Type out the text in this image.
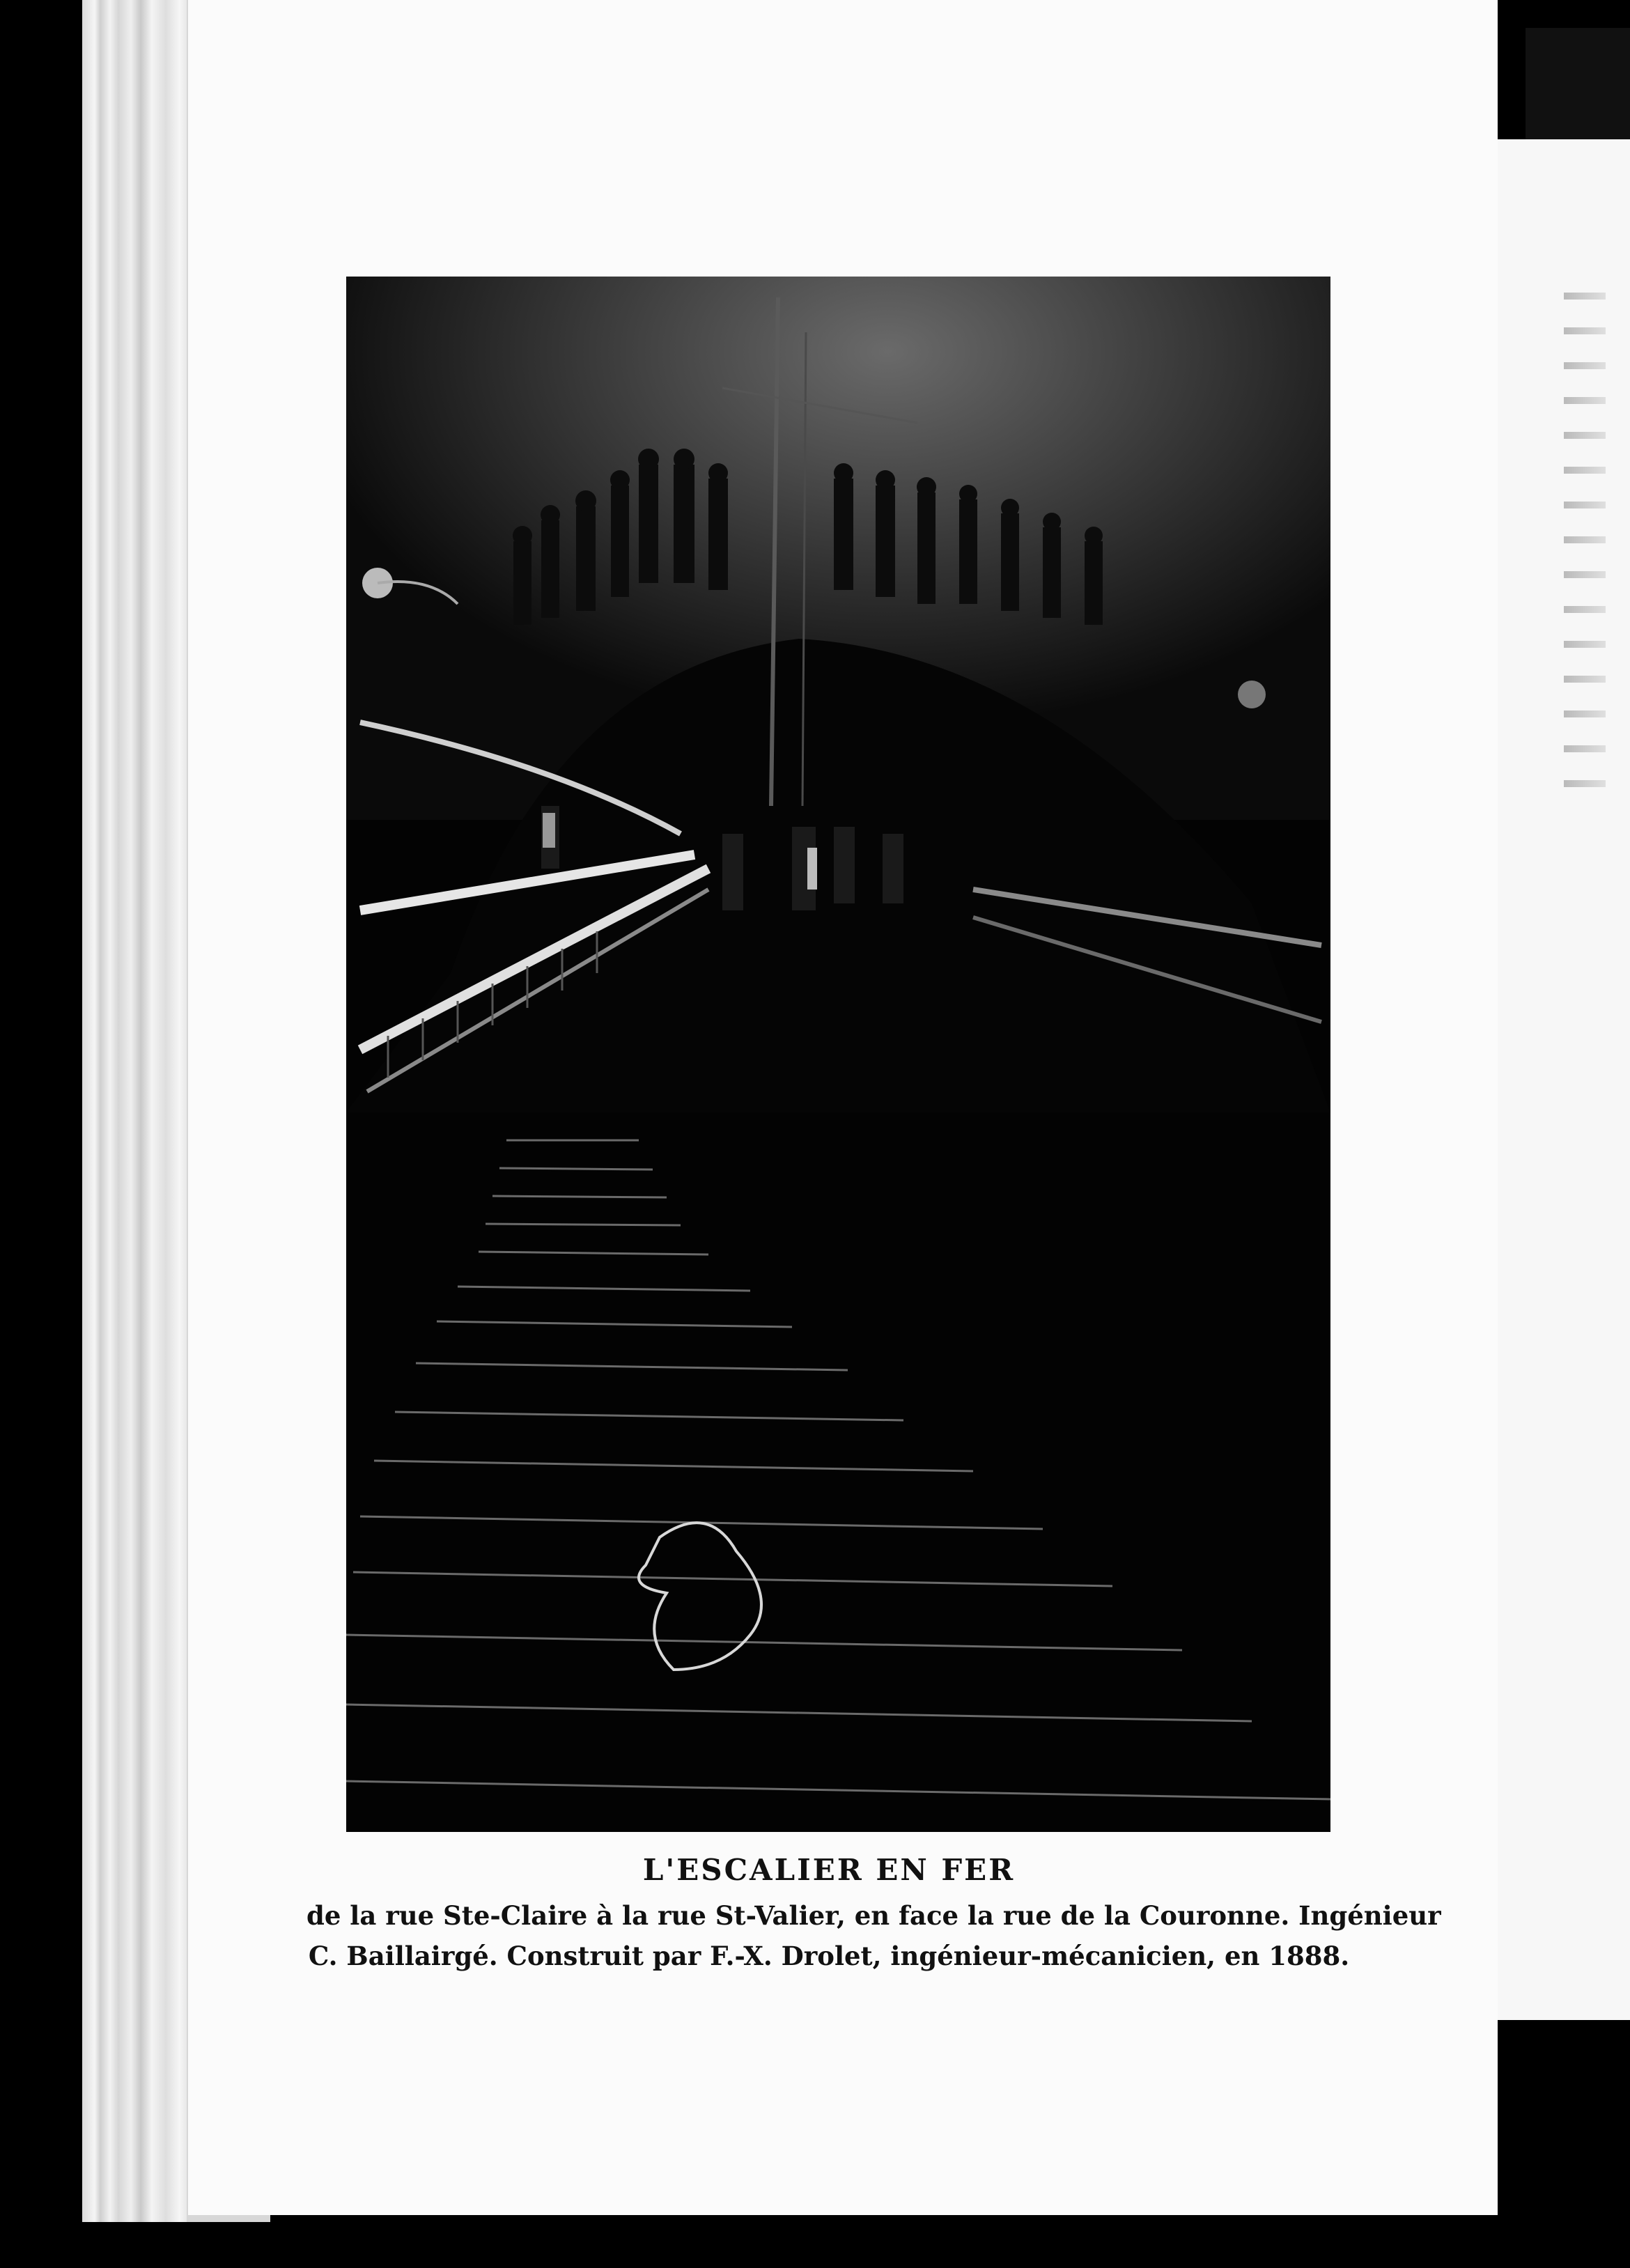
L'ESCALIER EN FER
de la rue Ste-Claire à la rue St-Valier, en face la rue de la Couronne. Ingénieur
C. Baillairgé. Construit par F.-X. Drolet, ingénieur-mécanicien, en 1888.
